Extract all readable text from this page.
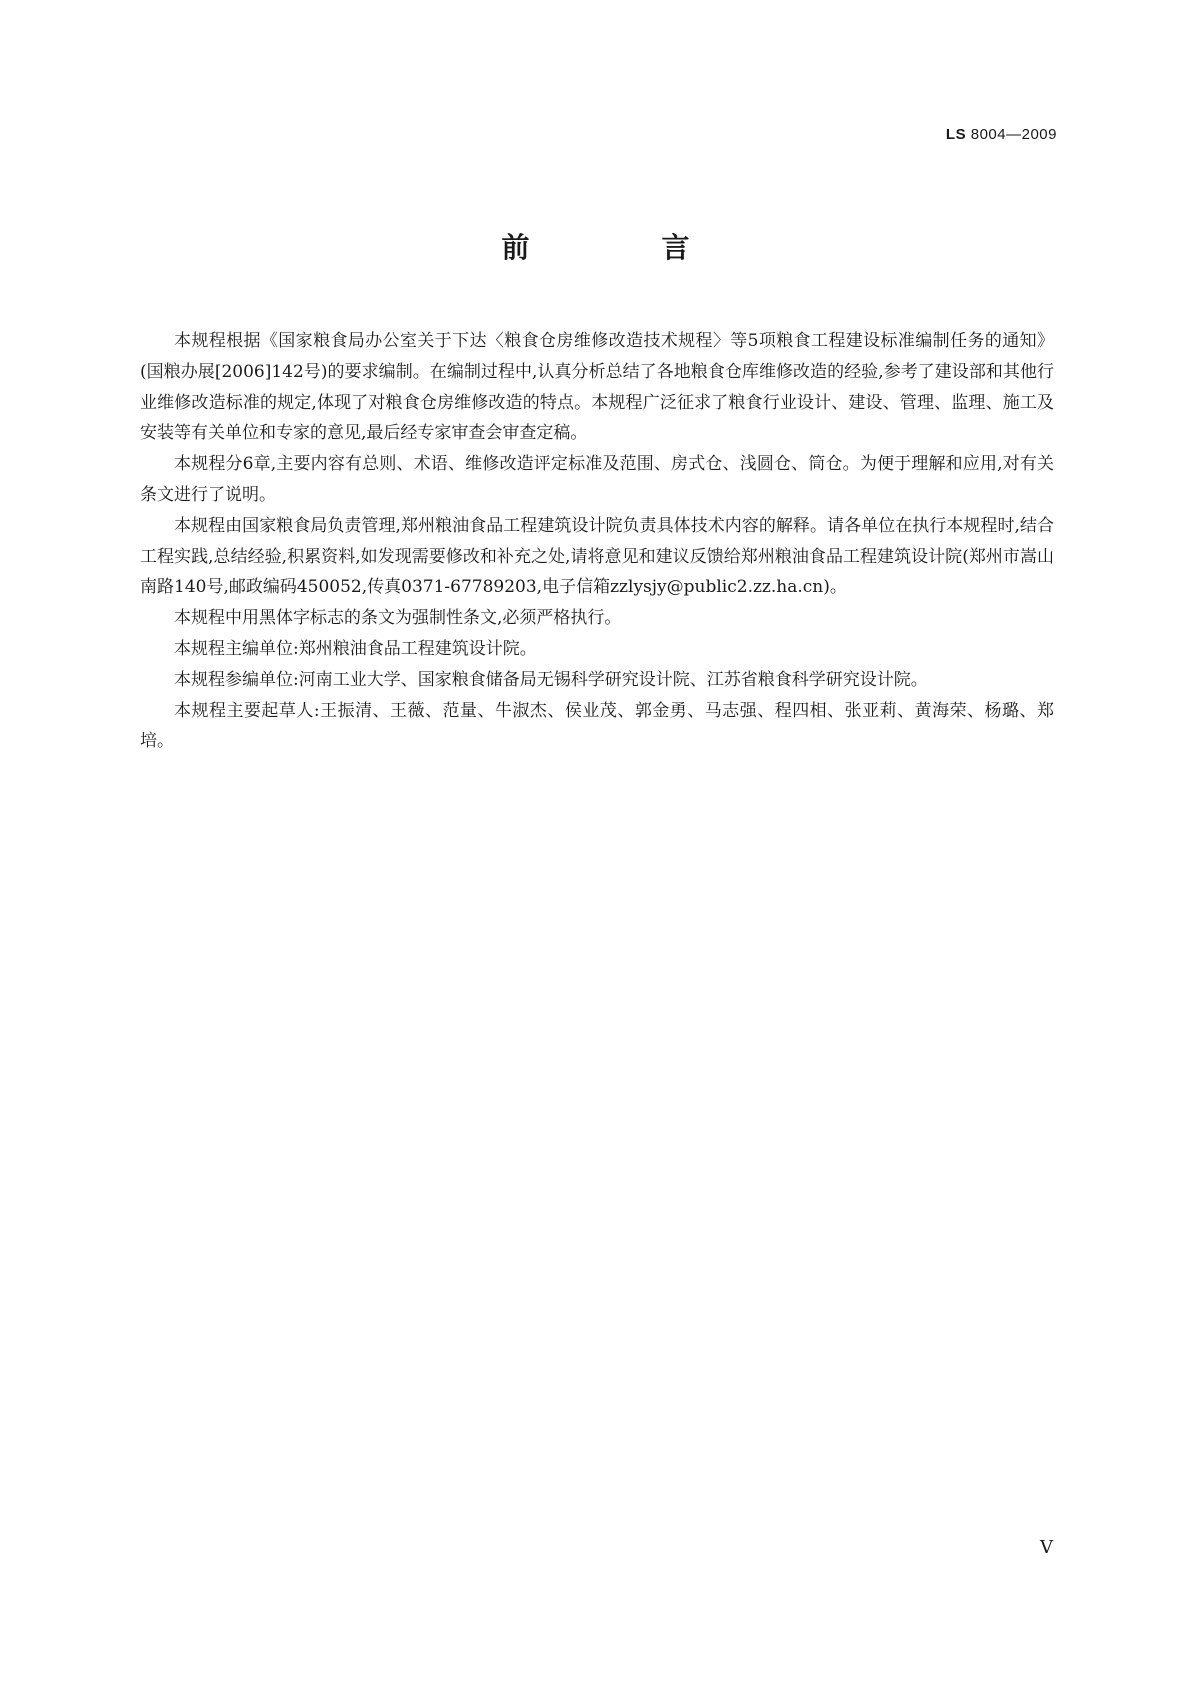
LS 8004—2009
前　言

本规程根据《国家粮食局办公室关于下达〈粮食仓房维修改造技术规程〉等5项粮食工程建设标准编制任务的通知》(国粮办展[2006]142号)的要求编制。在编制过程中,认真分析总结了各地粮食仓库维修改造的经验,参考了建设部和其他行业维修改造标准的规定,体现了对粮食仓房维修改造的特点。本规程广泛征求了粮食行业设计、建设、管理、监理、施工及安装等有关单位和专家的意见,最后经专家审查会审查定稿。

本规程分6章,主要内容有总则、术语、维修改造评定标准及范围、房式仓、浅圆仓、筒仓。为便于理解和应用,对有关条文进行了说明。

本规程由国家粮食局负责管理,郑州粮油食品工程建筑设计院负责具体技术内容的解释。请各单位在执行本规程时,结合工程实践,总结经验,积累资料,如发现需要修改和补充之处,请将意见和建议反馈给郑州粮油食品工程建筑设计院(郑州市嵩山南路140号,邮政编码450052,传真0371-67789203,电子信箱zzlysjy@public2.zz.ha.cn)。

本规程中用黑体字标志的条文为强制性条文,必须严格执行。

本规程主编单位:郑州粮油食品工程建筑设计院。

本规程参编单位:河南工业大学、国家粮食储备局无锡科学研究设计院、江苏省粮食科学研究设计院。

本规程主要起草人:王振清、王薇、范量、牛淑杰、侯业茂、郭金勇、马志强、程四相、张亚莉、黄海荣、杨璐、郑培。

V
